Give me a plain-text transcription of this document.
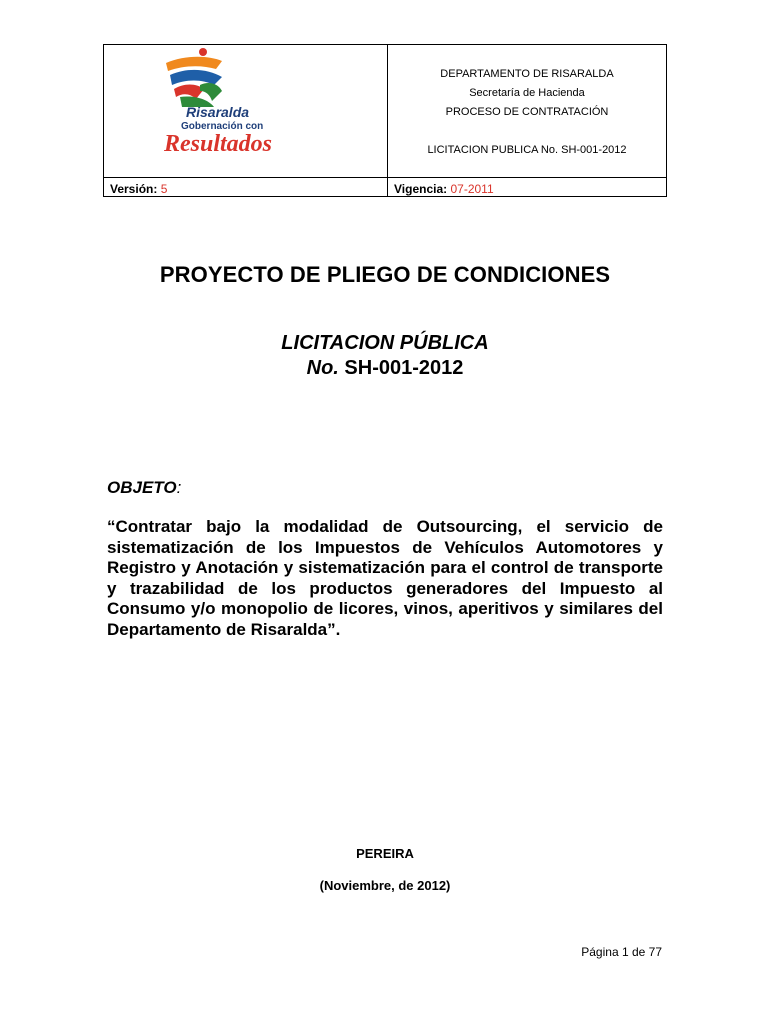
Risaralda
Gobernación con
Resultados
DEPARTAMENTO DE RISARALDA
Secretaría de Hacienda
PROCESO DE CONTRATACIÓN
LICITACION PUBLICA No. SH-001-2012
Versión: 5	Vigencia: 07-2011
PROYECTO DE PLIEGO DE CONDICIONES
LICITACION PÚBLICA
No. SH-001-2012
OBJETO:
“Contratar bajo la modalidad de Outsourcing, el servicio de sistematización de los Impuestos de Vehículos Automotores y Registro y Anotación y sistematización para el control de transporte y trazabilidad de los productos generadores del Impuesto al Consumo y/o monopolio de licores, vinos, aperitivos y similares del Departamento de Risaralda”.
PEREIRA
(Noviembre, de 2012)
Página 1 de 77
